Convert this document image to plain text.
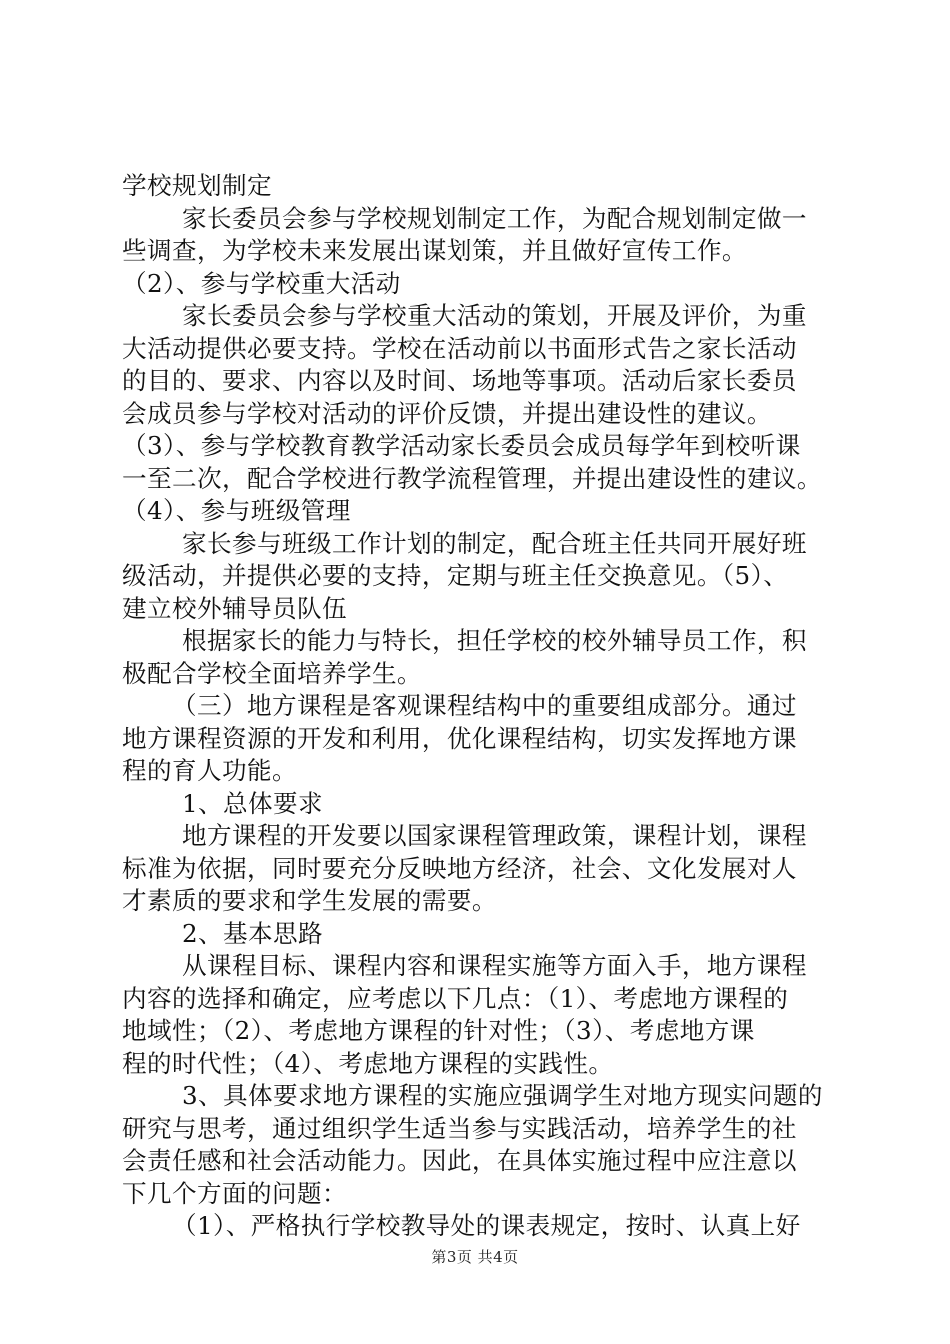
学校规划制定
家长委员会参与学校规划制定工作，为配合规划制定做一
些调查，为学校未来发展出谋划策，并且做好宣传工作。
（2）、参与学校重大活动
家长委员会参与学校重大活动的策划，开展及评价，为重
大活动提供必要支持。学校在活动前以书面形式告之家长活动
的目的、要求、内容以及时间、场地等事项。活动后家长委员
会成员参与学校对活动的评价反馈，并提出建设性的建议。
（3）、参与学校教育教学活动家长委员会成员每学年到校听课
一至二次，配合学校进行教学流程管理，并提出建设性的建议。
（4）、参与班级管理
家长参与班级工作计划的制定，配合班主任共同开展好班
级活动，并提供必要的支持，定期与班主任交换意见。（5）、
建立校外辅导员队伍
根据家长的能力与特长，担任学校的校外辅导员工作，积
极配合学校全面培养学生。
（三）地方课程是客观课程结构中的重要组成部分。通过
地方课程资源的开发和利用，优化课程结构，切实发挥地方课
程的育人功能。
1、总体要求
地方课程的开发要以国家课程管理政策，课程计划，课程
标准为依据，同时要充分反映地方经济，社会、文化发展对人
才素质的要求和学生发展的需要。
2、基本思路
从课程目标、课程内容和课程实施等方面入手，地方课程
内容的选择和确定，应考虑以下几点：（1）、考虑地方课程的
地域性；（2）、考虑地方课程的针对性；（3）、考虑地方课
程的时代性；（4）、考虑地方课程的实践性。
3、具体要求地方课程的实施应强调学生对地方现实问题的
研究与思考，通过组织学生适当参与实践活动，培养学生的社
会责任感和社会活动能力。因此，在具体实施过程中应注意以
下几个方面的问题：
（1）、严格执行学校教导处的课表规定，按时、认真上好
第3页 共4页
